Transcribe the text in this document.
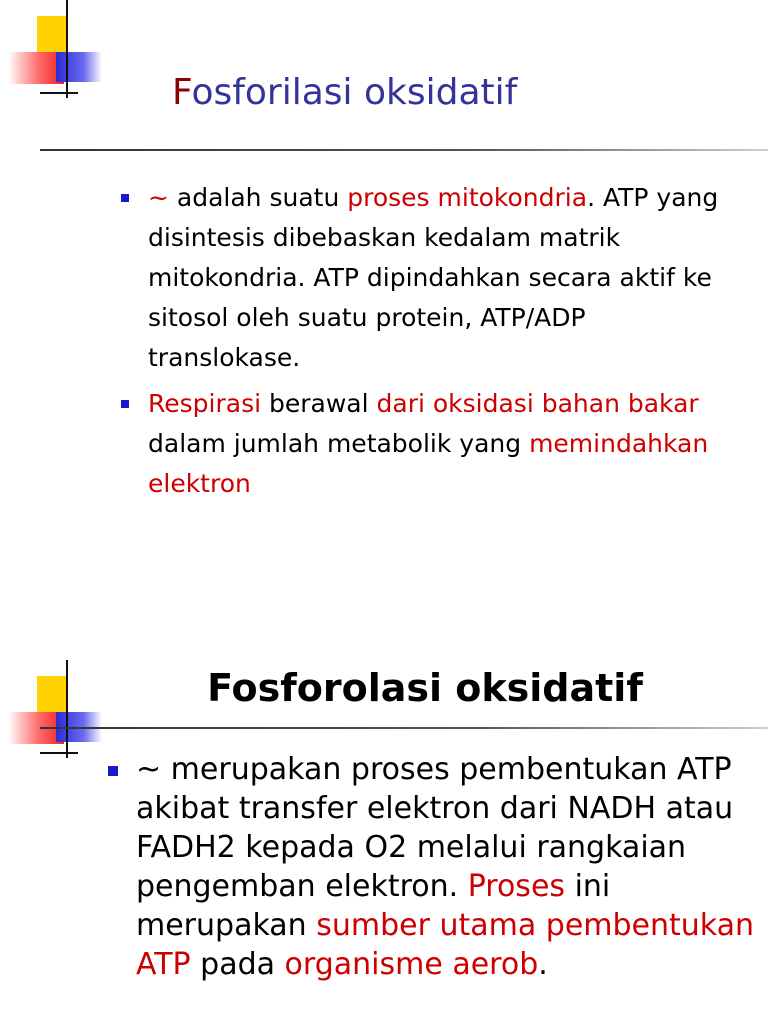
Fosforilasi oksidatif
~ adalah suatu proses mitokondria. ATP yang disintesis dibebaskan kedalam matrik mitokondria. ATP dipindahkan secara aktif ke sitosol oleh suatu protein, ATP/ADP translokase.
Respirasi berawal dari oksidasi bahan bakar dalam jumlah metabolik yang memindahkan elektron
Fosforolasi oksidatif
~ merupakan proses pembentukan ATP akibat transfer elektron dari NADH atau FADH2 kepada O2 melalui rangkaian pengemban elektron. Proses ini merupakan sumber utama pembentukan ATP pada organisme aerob.
